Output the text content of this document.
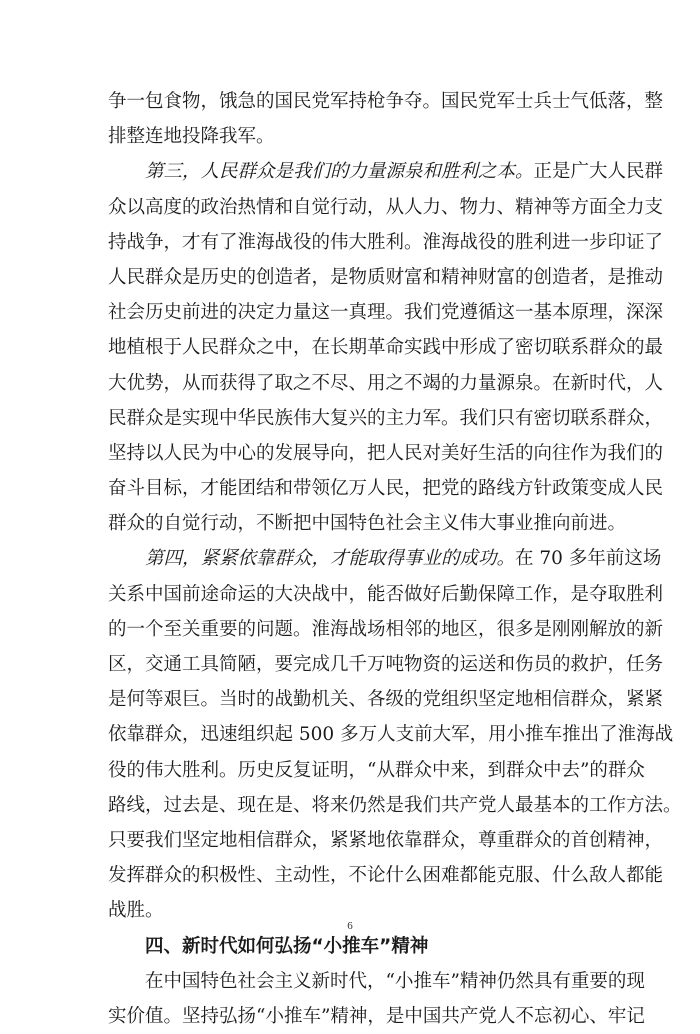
争一包食物，饿急的国民党军持枪争夺。国民党军士兵士气低落，整
排整连地投降我军。
第三，人民群众是我们的力量源泉和胜利之本。正是广大人民群
众以高度的政治热情和自觉行动，从人力、物力、精神等方面全力支
持战争，才有了淮海战役的伟大胜利。淮海战役的胜利进一步印证了
人民群众是历史的创造者，是物质财富和精神财富的创造者，是推动
社会历史前进的决定力量这一真理。我们党遵循这一基本原理，深深
地植根于人民群众之中，在长期革命实践中形成了密切联系群众的最
大优势，从而获得了取之不尽、用之不竭的力量源泉。在新时代，人
民群众是实现中华民族伟大复兴的主力军。我们只有密切联系群众，
坚持以人民为中心的发展导向，把人民对美好生活的向往作为我们的
奋斗目标，才能团结和带领亿万人民，把党的路线方针政策变成人民
群众的自觉行动，不断把中国特色社会主义伟大事业推向前进。
第四，紧紧依靠群众，才能取得事业的成功。在 70 多年前这场
关系中国前途命运的大决战中，能否做好后勤保障工作，是夺取胜利
的一个至关重要的问题。淮海战场相邻的地区，很多是刚刚解放的新
区，交通工具简陋，要完成几千万吨物资的运送和伤员的救护，任务
是何等艰巨。当时的战勤机关、各级的党组织坚定地相信群众，紧紧
依靠群众，迅速组织起 500 多万人支前大军，用小推车推出了淮海战
役的伟大胜利。历史反复证明，“从群众中来，到群众中去”的群众
路线，过去是、现在是、将来仍然是我们共产党人最基本的工作方法。
只要我们坚定地相信群众，紧紧地依靠群众，尊重群众的首创精神，
发挥群众的积极性、主动性，不论什么困难都能克服、什么敌人都能
战胜。
四、新时代如何弘扬“小推车”精神
在中国特色社会主义新时代，“小推车”精神仍然具有重要的现
实价值。坚持弘扬“小推车”精神，是中国共产党人不忘初心、牢记
6
